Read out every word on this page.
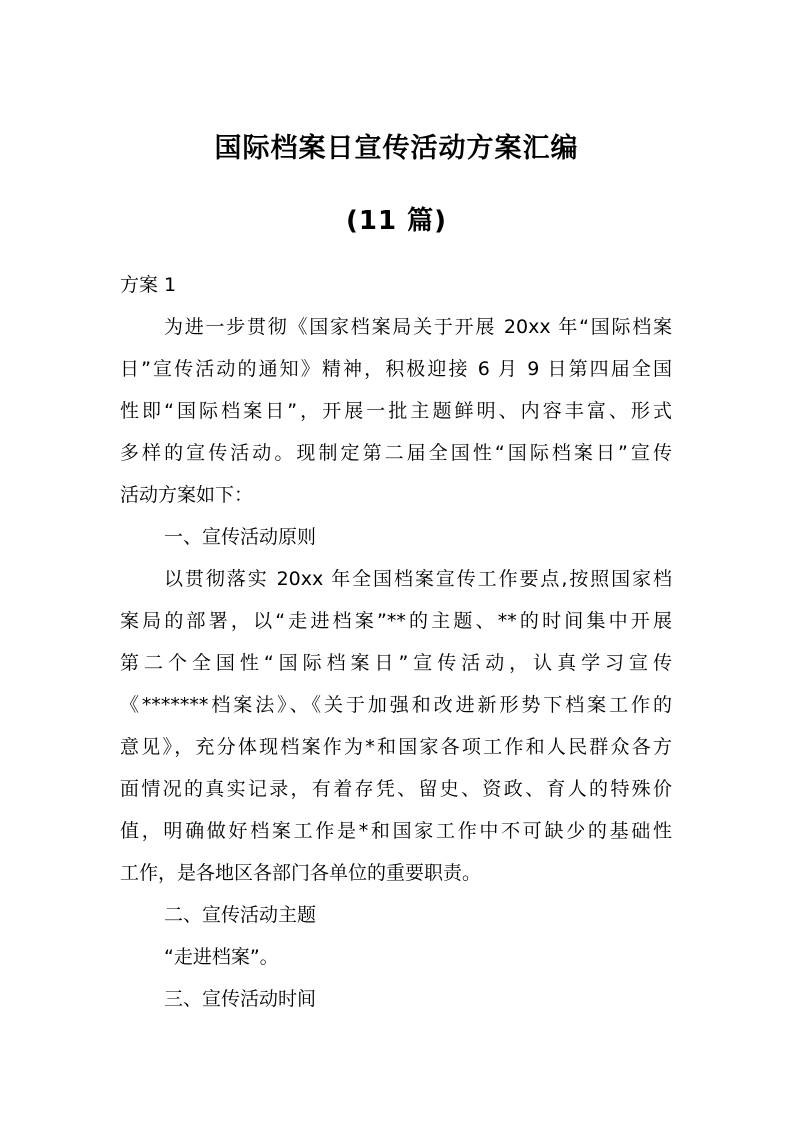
国际档案日宣传活动方案汇编
(11 篇)
方案 1
为进一步贯彻《国家档案局关于开展 20xx 年“国际档案
日”宣传活动的通知》精神，积极迎接 6 月 9 日第四届全国
性即“国际档案日”，开展一批主题鲜明、内容丰富、形式
多样的宣传活动。现制定第二届全国性“国际档案日”宣传
活动方案如下：
一、宣传活动原则
以贯彻落实 20xx 年全国档案宣传工作要点,按照国家档
案局的部署，以“走进档案”**的主题、**的时间集中开展
第二个全国性“国际档案日”宣传活动，认真学习宣传
《*******档案法》、《关于加强和改进新形势下档案工作的
意见》，充分体现档案作为*和国家各项工作和人民群众各方
面情况的真实记录，有着存凭、留史、资政、育人的特殊价
值，明确做好档案工作是*和国家工作中不可缺少的基础性
工作，是各地区各部门各单位的重要职责。
二、宣传活动主题
“走进档案”。
三、宣传活动时间
